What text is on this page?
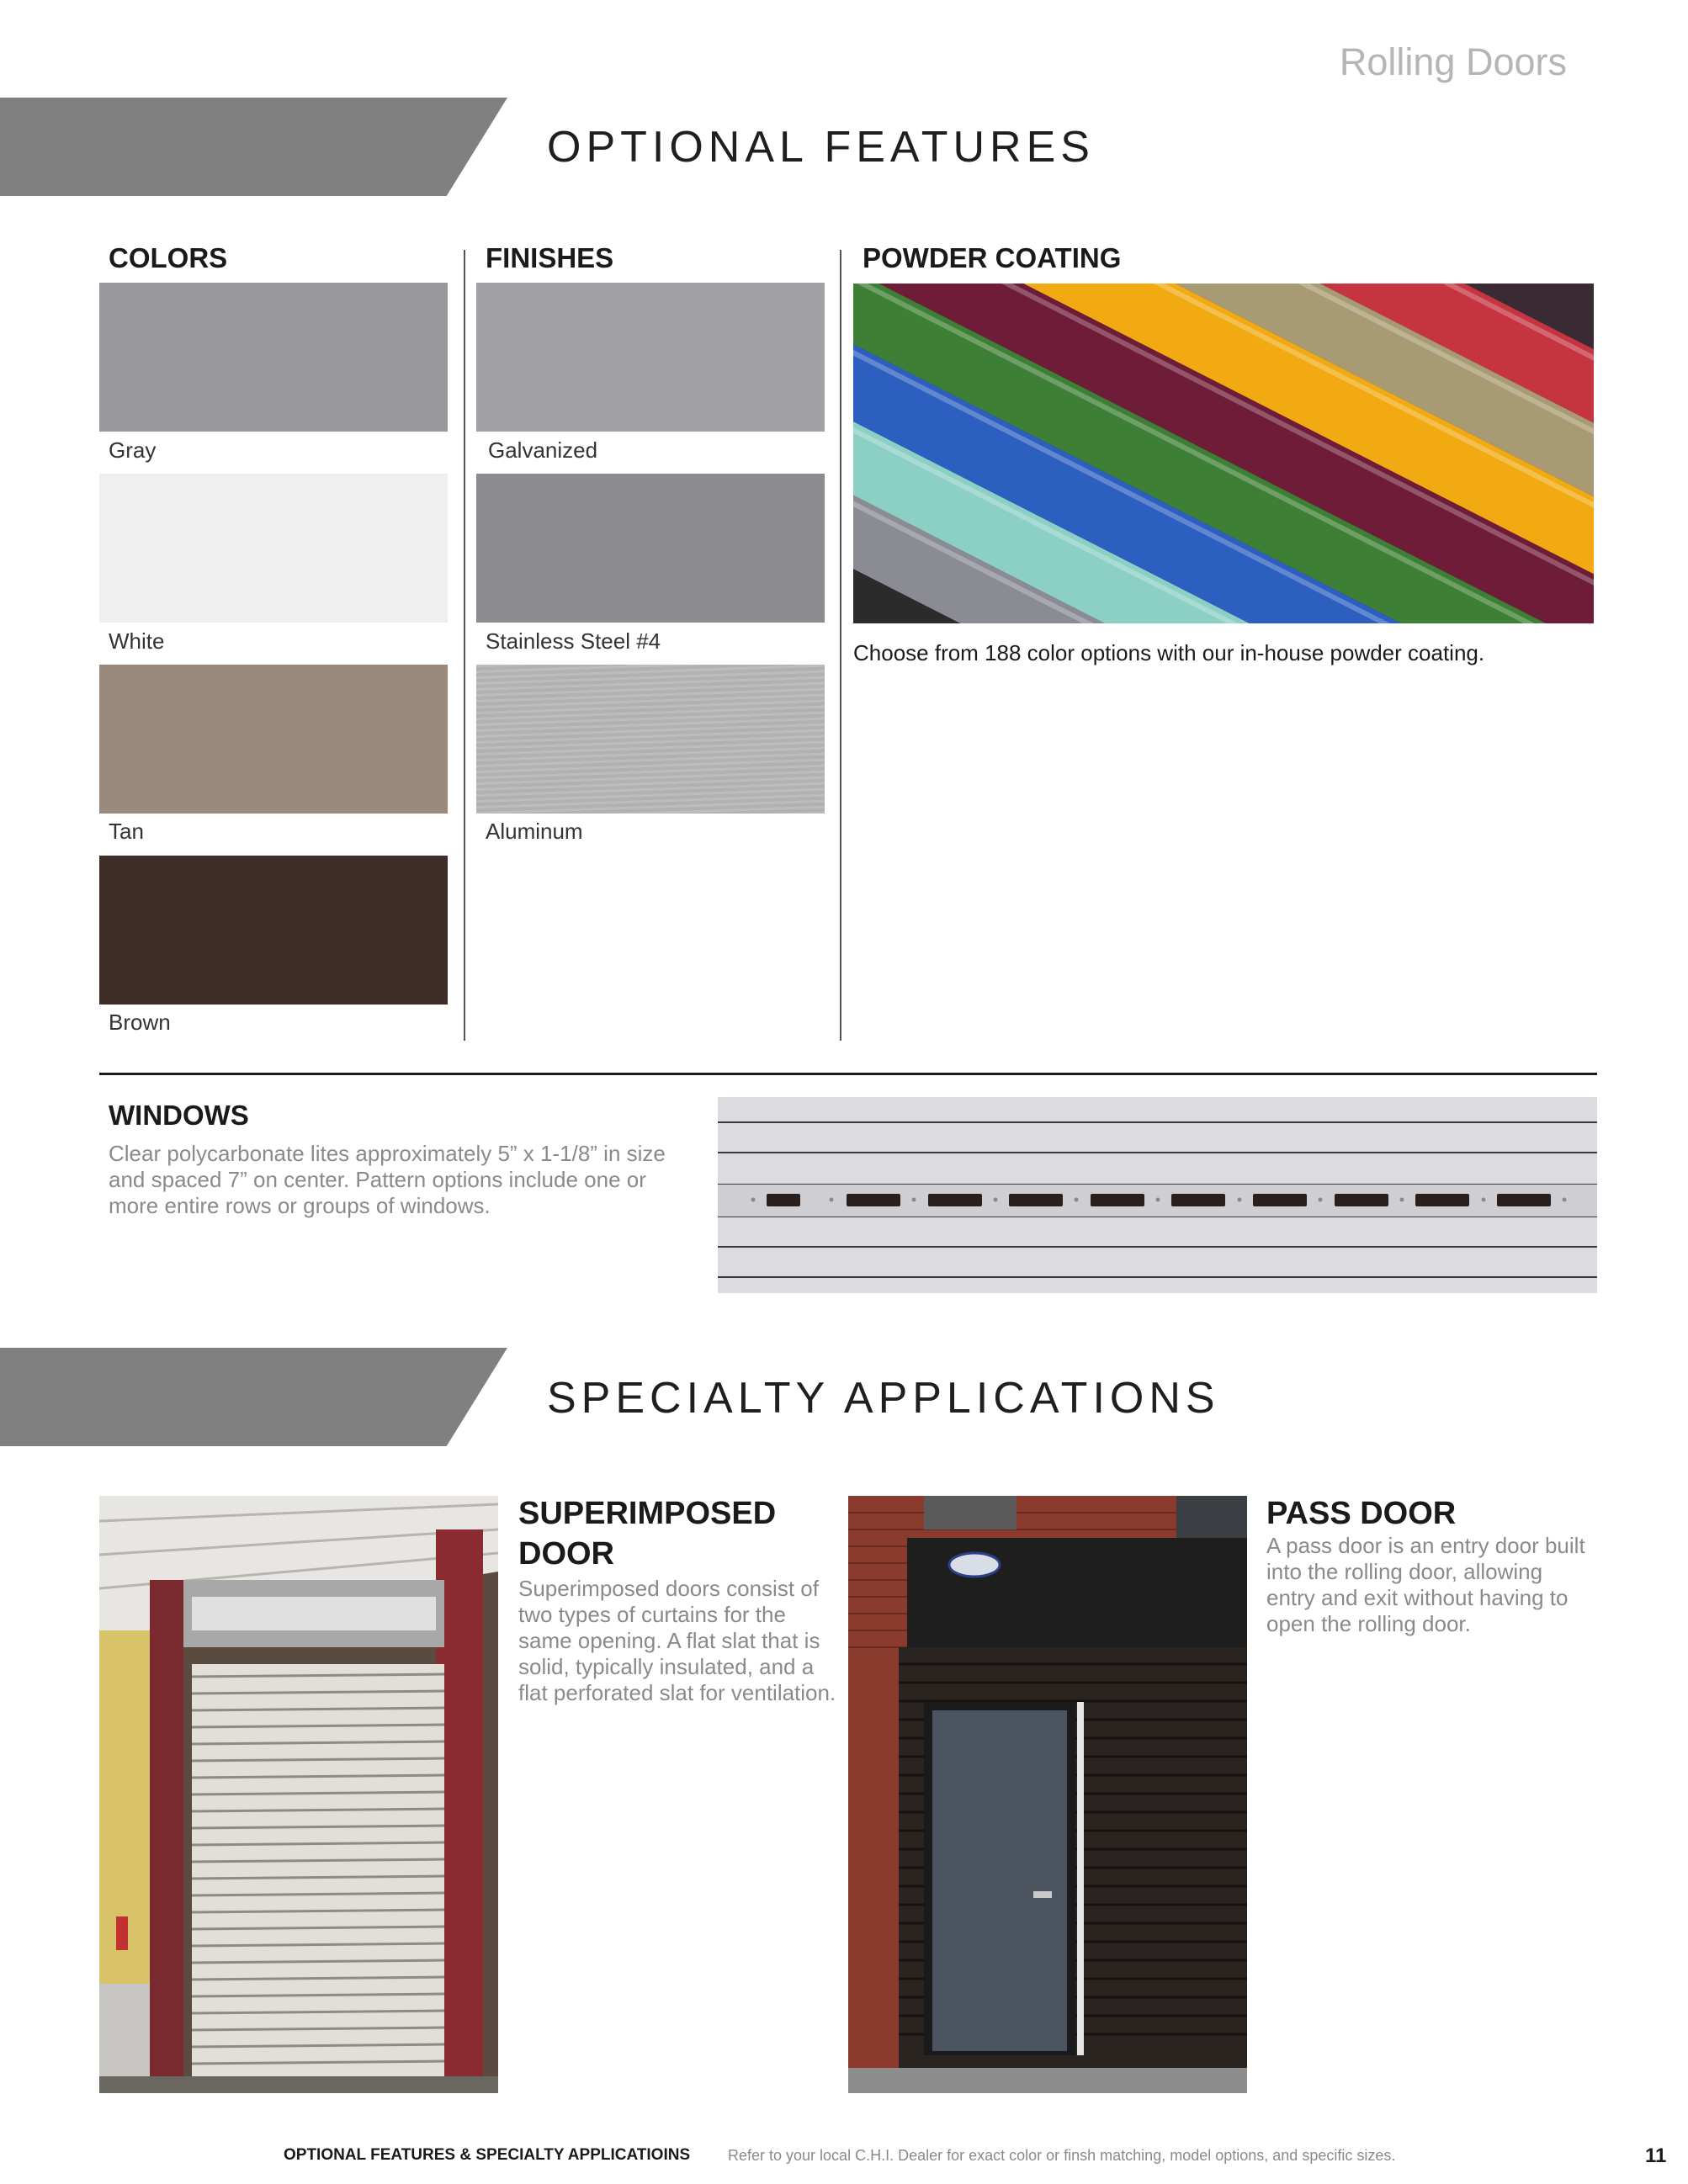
Rolling Doors
OPTIONAL FEATURES
COLORS
Gray
White
Tan
Brown
FINISHES
Galvanized
Stainless Steel #4
Aluminum
POWDER COATING
Choose from 188 color options with our in-house powder coating.
WINDOWS
Clear polycarbonate lites approximately 5” x 1-1/8” in size and spaced 7” on center. Pattern options include one or more entire rows or groups of windows.
SPECIALTY APPLICATIONS
SUPERIMPOSED DOOR
Superimposed doors consist of two types of curtains for the same opening. A flat slat that is solid, typically insulated, and a flat perforated slat for ventilation.
PASS DOOR
A pass door is an entry door built into the rolling door, allowing entry and exit without having to open the rolling door.
OPTIONAL FEATURES & SPECIALTY APPLICATIOINS Refer to your local C.H.I. Dealer for exact color or finsh matching, model options, and specific sizes.	11
